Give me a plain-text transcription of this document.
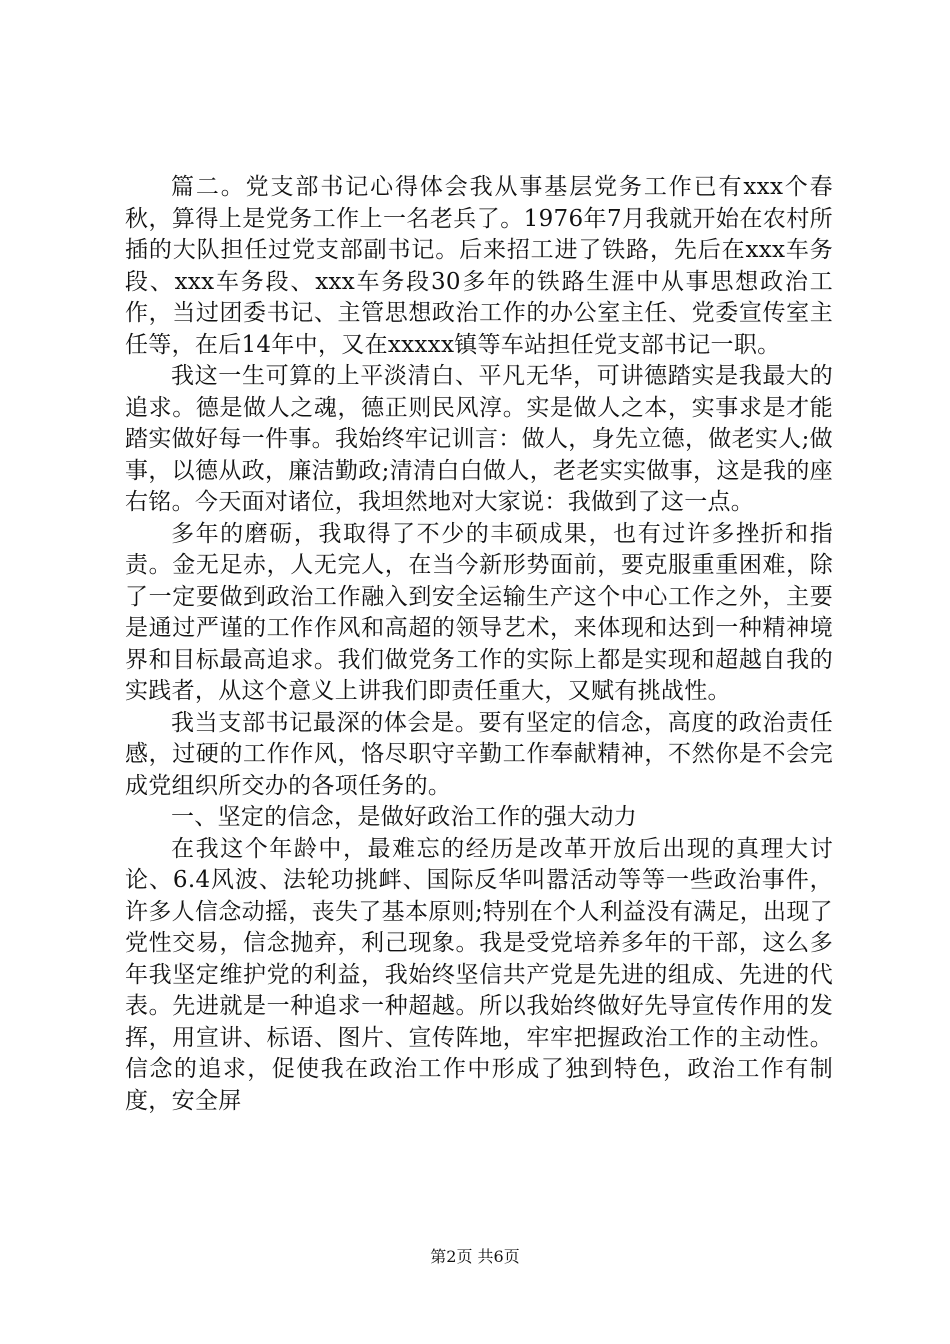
篇二。党支部书记心得体会我从事基层党务工作已有xxx个春秋，算得上是党务工作上一名老兵了。1976年7月我就开始在农村所插的大队担任过党支部副书记。后来招工进了铁路，先后在xxx车务段、xxx车务段、xxx车务段30多年的铁路生涯中从事思想政治工作，当过团委书记、主管思想政治工作的办公室主任、党委宣传室主任等，在后14年中，又在xxxxx镇等车站担任党支部书记一职。

我这一生可算的上平淡清白、平凡无华，可讲德踏实是我最大的追求。德是做人之魂，德正则民风淳。实是做人之本，实事求是才能踏实做好每一件事。我始终牢记训言：做人，身先立德，做老实人;做事，以德从政，廉洁勤政;清清白白做人，老老实实做事，这是我的座右铭。今天面对诸位，我坦然地对大家说：我做到了这一点。

多年的磨砺，我取得了不少的丰硕成果，也有过许多挫折和指责。金无足赤，人无完人，在当今新形势面前，要克服重重困难，除了一定要做到政治工作融入到安全运输生产这个中心工作之外，主要是通过严谨的工作作风和高超的领导艺术，来体现和达到一种精神境界和目标最高追求。我们做党务工作的实际上都是实现和超越自我的实践者，从这个意义上讲我们即责任重大，又赋有挑战性。

我当支部书记最深的体会是。要有坚定的信念，高度的政治责任感，过硬的工作作风，恪尽职守辛勤工作奉献精神，不然你是不会完成党组织所交办的各项任务的。

一、坚定的信念，是做好政治工作的强大动力

在我这个年龄中，最难忘的经历是改革开放后出现的真理大讨论、6.4风波、法轮功挑衅、国际反华叫嚣活动等等一些政治事件，许多人信念动摇，丧失了基本原则;特别在个人利益没有满足，出现了党性交易，信念抛弃，利己现象。我是受党培养多年的干部，这么多年我坚定维护党的利益，我始终坚信共产党是先进的组成、先进的代表。先进就是一种追求一种超越。所以我始终做好先导宣传作用的发挥，用宣讲、标语、图片、宣传阵地，牢牢把握政治工作的主动性。信念的追求，促使我在政治工作中形成了独到特色，政治工作有制度，安全屏

第2页 共6页
